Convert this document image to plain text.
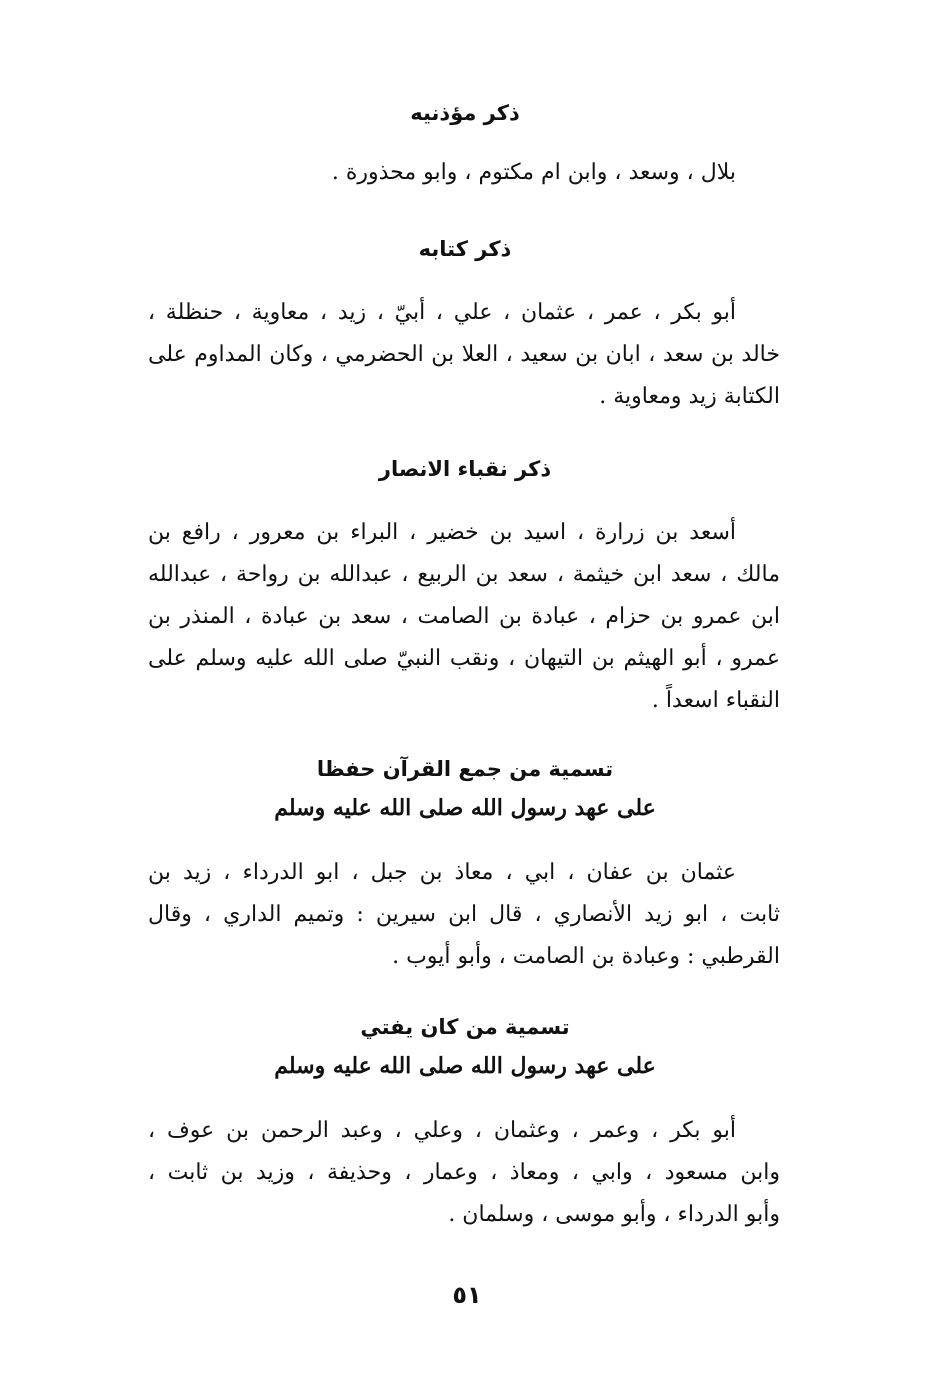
ذكر مؤذنيه
بلال ، وسعد ، وابن ام مكتوم ، وابو محذورة .
ذكر كتابه
أبو بكر ، عمر ، عثمان ، علي ، أبيّ ، زيد ، معاوية ، حنظلة ،
خالد بن سعد ، ابان بن سعيد ، العلا بن الحضرمي ، وكان المداوم على
الكتابة زيد ومعاوية .
ذكر نقباء الانصار
أسعد بن زرارة ، اسيد بن خضير ، البراء بن معرور ، رافع بن
مالك ، سعد ابن خيثمة ، سعد بن الربيع ، عبدالله بن رواحة ، عبدالله
ابن عمرو بن حزام ، عبادة بن الصامت ، سعد بن عبادة ، المنذر بن
عمرو ، أبو الهيثم بن التيهان ، ونقب النبيّ صلى الله عليه وسلم على
النقباء اسعداً .
تسمية من جمع القرآن حفظا
على عهد رسول الله صلى الله عليه وسلم
عثمان بن عفان ، ابي ، معاذ بن جبل ، ابو الدرداء ، زيد بن
ثابت ، ابو زيد الأنصاري ، قال ابن سيرين : وتميم الداري ، وقال
القرطبي : وعبادة بن الصامت ، وأبو أيوب .
تسمية من كان يفتي
على عهد رسول الله صلى الله عليه وسلم
أبو بكر ، وعمر ، وعثمان ، وعلي ، وعبد الرحمن بن عوف ،
وابن مسعود ، وابي ، ومعاذ ، وعمار ، وحذيفة ، وزيد بن ثابت ،
وأبو الدرداء ، وأبو موسى ، وسلمان .
٥١
